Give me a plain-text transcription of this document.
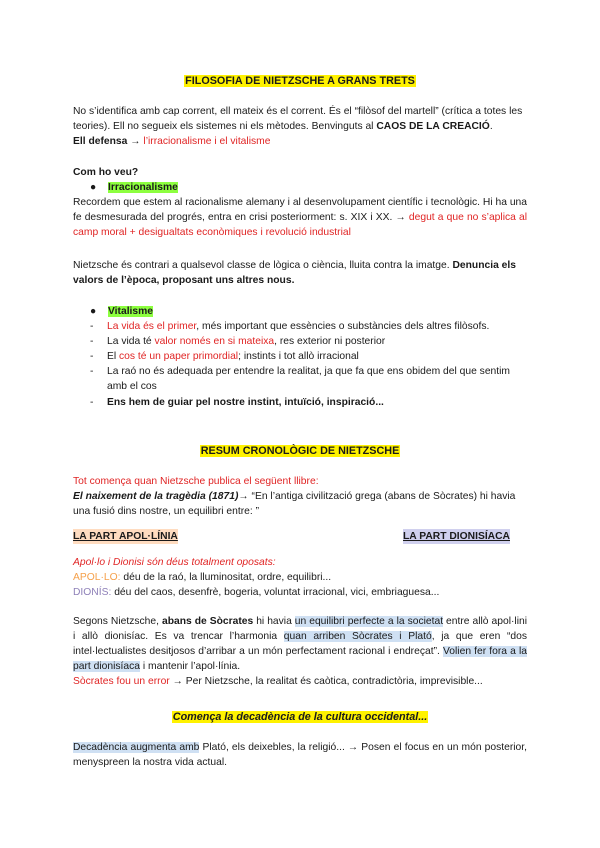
FILOSOFIA DE NIETZSCHE A GRANS TRETS

No s’identifica amb cap corrent, ell mateix és el corrent. És el “filòsof del martell” (crítica a totes les teories). Ell no segueix els sistemes ni els mètodes. Benvinguts al CAOS DE LA CREACIÓ.
Ell defensa → l’irracionalisme i el vitalisme

Com ho veu?

● Irracionalisme

Recordem que estem al racionalisme alemany i al desenvolupament científic i tecnològic. Hi ha una fe desmesurada del progrés, entra en crisi posteriorment: s. XIX i XX. → degut a que no s’aplica al camp moral + desigualtats econòmiques i revolució industrial

Nietzsche és contrari a qualsevol classe de lògica o ciència, lluita contra la imatge. Denuncia els valors de l’època, proposant uns altres nous.

● Vitalisme
- La vida és el primer, més important que essències o substàncies dels altres filòsofs.
- La vida té valor només en si mateixa, res exterior ni posterior
- El cos té un paper primordial; instints i tot allò irracional
- La raó no és adequada per entendre la realitat, ja que fa que ens obidem del que sentim amb el cos
- Ens hem de guiar pel nostre instint, intuïció, inspiració...
RESUM CRONOLÒGIC DE NIETZSCHE

Tot comença quan Nietzsche publica el següent llibre:
El naixement de la tragèdia (1871)→ “En l’antiga civilització grega (abans de Sòcrates) hi havia una fusió dins nostre, un equilibri entre: ”

LA PART APOL·LÍNIA	LA PART DIONISÍACA

Apol·lo i Dionisi són déus totalment oposats:
APOL·LO: déu de la raó, la lluminositat, ordre, equilibri...
DIONÍS: déu del caos, desenfrè, bogeria, voluntat irracional, vici, embriaguesa...

Segons Nietzsche, abans de Sòcrates hi havia un equilibri perfecte a la societat entre allò apol·lini i allò dionisíac. Es va trencar l’harmonia quan arriben Sòcrates i Plató, ja que eren “dos intel·lectualistes desitjosos d’arribar a un món perfectament racional i endreçat”. Volien fer fora a la part dionisíaca i mantenir l’apol·línia.
Sòcrates fou un error → Per Nietzsche, la realitat és caòtica, contradictòria, imprevisible...

Comença la decadència de la cultura occidental...

Decadència augmenta amb Plató, els deixebles, la religió... → Posen el focus en un món posterior, menyspreen la nostra vida actual.
